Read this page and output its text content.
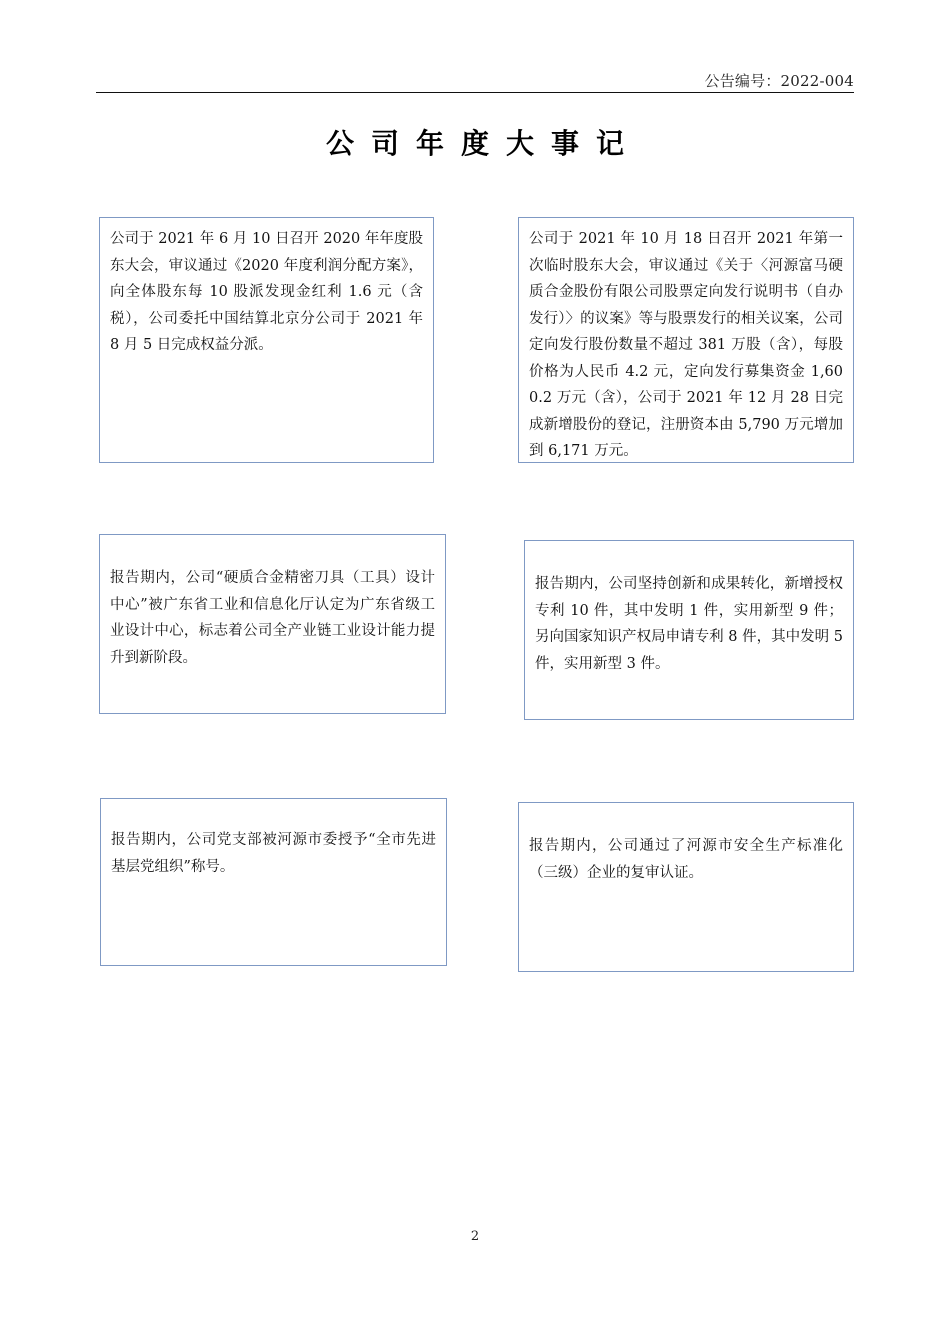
公告编号：2022-004
公司年度大事记
公司于 2021 年 6 月 10 日召开 2020 年年度股东大会，审议通过《2020 年度利润分配方案》，向全体股东每 10 股派发现金红利 1.6 元（含税），公司委托中国结算北京分公司于 2021 年 8 月 5 日完成权益分派。
公司于 2021 年 10 月 18 日召开 2021 年第一次临时股东大会，审议通过《关于〈河源富马硬质合金股份有限公司股票定向发行说明书（自办发行）〉的议案》等与股票发行的相关议案，公司定向发行股份数量不超过 381 万股（含），每股价格为人民币 4.2 元，定向发行募集资金 1,600.2 万元（含），公司于 2021 年 12 月 28 日完成新增股份的登记，注册资本由 5,790 万元增加到 6,171 万元。
报告期内，公司“硬质合金精密刀具（工具）设计中心”被广东省工业和信息化厅认定为广东省级工业设计中心，标志着公司全产业链工业设计能力提升到新阶段。
报告期内，公司坚持创新和成果转化，新增授权专利 10 件，其中发明 1 件，实用新型 9 件；另向国家知识产权局申请专利 8 件，其中发明 5 件，实用新型 3 件。
报告期内，公司党支部被河源市委授予“全市先进基层党组织”称号。
报告期内，公司通过了河源市安全生产标准化（三级）企业的复审认证。
2
